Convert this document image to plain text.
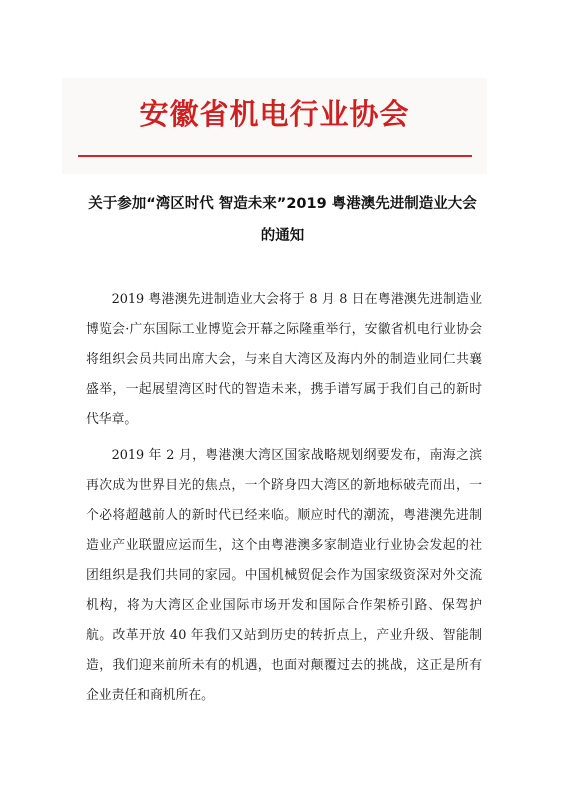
安徽省机电行业协会
关于参加“湾区时代 智造未来”2019 粤港澳先进制造业大会
的通知

2019 粤港澳先进制造业大会将于 8 月 8 日在粤港澳先进制造业博览会·广东国际工业博览会开幕之际隆重举行，安徽省机电行业协会将组织会员共同出席大会，与来自大湾区及海内外的制造业同仁共襄盛举，一起展望湾区时代的智造未来，携手谱写属于我们自己的新时代华章。

2019 年 2 月，粤港澳大湾区国家战略规划纲要发布，南海之滨再次成为世界目光的焦点，一个跻身四大湾区的新地标破壳而出，一个必将超越前人的新时代已经来临。顺应时代的潮流，粤港澳先进制造业产业联盟应运而生，这个由粤港澳多家制造业行业协会发起的社团组织是我们共同的家园。中国机械贸促会作为国家级资深对外交流机构，将为大湾区企业国际市场开发和国际合作架桥引路、保驾护航。改革开放 40 年我们又站到历史的转折点上，产业升级、智能制造，我们迎来前所未有的机遇，也面对颠覆过去的挑战，这正是所有企业责任和商机所在。
